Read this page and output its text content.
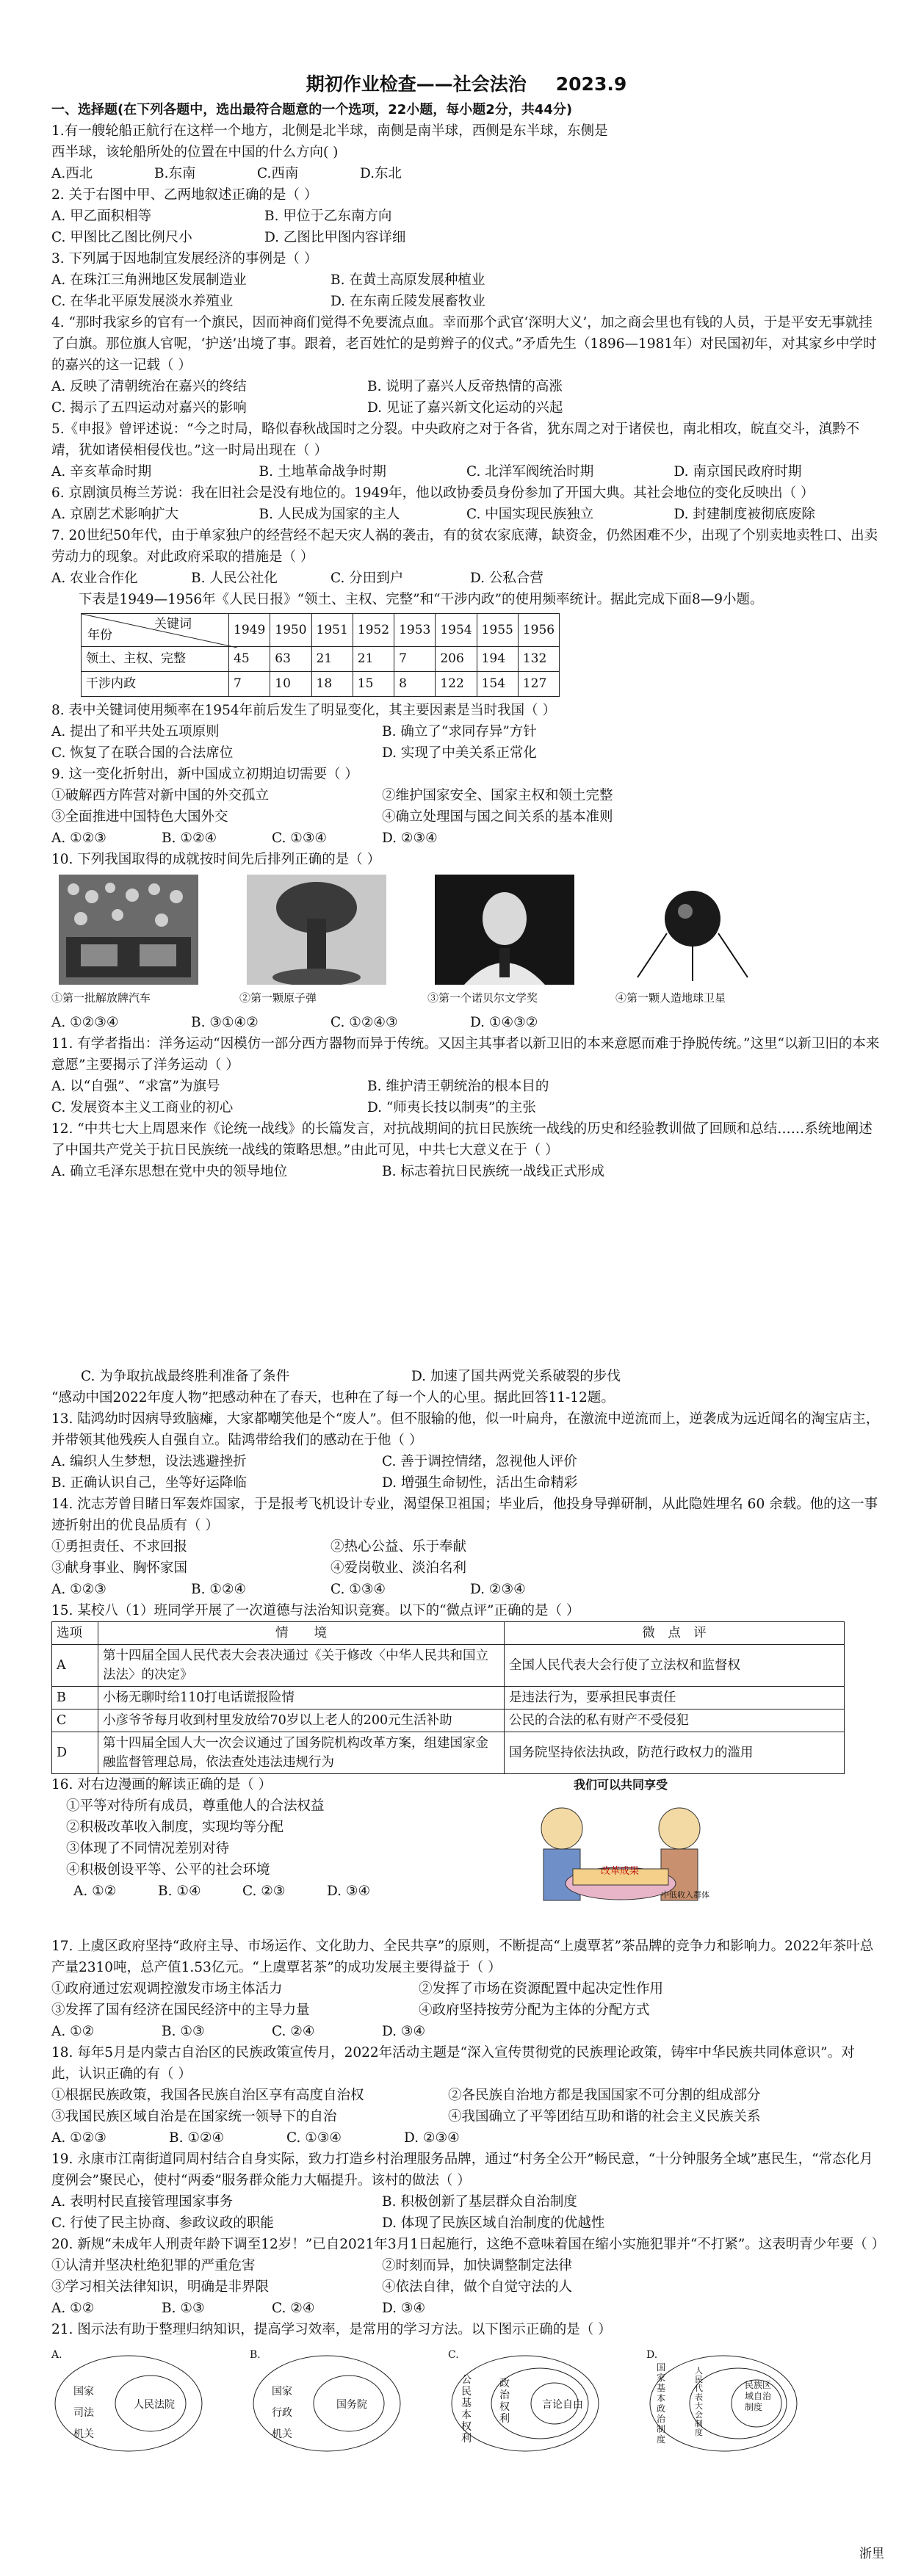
期初作业检查——社会法治 2023.9

一、选择题(在下列各题中，选出最符合题意的一个选项，22小题，每小题2分，共44分)

1.有一艘轮船正航行在这样一个地方，北侧是北半球，南侧是南半球，西侧是东半球，东侧是西半球，该轮船所处的位置在中国的什么方向( )

A.西北	B.东南	C.西南	D.东北

2. 关于右图中甲、乙两地叙述正确的是（ ）

A. 甲乙面积相等	B. 甲位于乙东南方向
C. 甲图比乙图比例尺小	D. 乙图比甲图内容详细

3. 下列属于因地制宜发展经济的事例是（ ）

A. 在珠江三角洲地区发展制造业	B. 在黄土高原发展种植业
C. 在华北平原发展淡水养殖业	D. 在东南丘陵发展畜牧业

4. “那时我家乡的官有一个旗民，因而神商们觉得不免要流点血。幸而那个武官‘深明大义’，加之商会里也有钱的人员，于是平安无事就挂了白旗。那位旗人官呢，‘护送’出境了事。跟着，老百姓忙的是剪辫子的仪式。”矛盾先生（1896—1981年）对民国初年，对其家乡中学时的嘉兴的这一记载（ ）

A. 反映了清朝统治在嘉兴的终结	B. 说明了嘉兴人反帝热情的高涨
C. 揭示了五四运动对嘉兴的影响	D. 见证了嘉兴新文化运动的兴起

5.《申报》曾评述说：“今之时局，略似春秋战国时之分裂。中央政府之对于各省，犹东周之对于诸侯也，南北相攻，皖直交斗，滇黔不靖，犹如诸侯相侵伐也。”这一时局出现在（ ）

A. 辛亥革命时期	B. 土地革命战争时期	C. 北洋军阀统治时期	D. 南京国民政府时期

6. 京剧演员梅兰芳说：我在旧社会是没有地位的。1949年，他以政协委员身份参加了开国大典。其社会地位的变化反映出（ ）

A. 京剧艺术影响扩大	B. 人民成为国家的主人	C. 中国实现民族独立	D. 封建制度被彻底废除

7. 20世纪50年代，由于单家独户的经营经不起天灾人祸的袭击，有的贫农家底薄，缺资金，仍然困难不少，出现了个别卖地卖牲口、出卖劳动力的现象。对此政府采取的措施是（ ）

A. 农业合作化	B. 人民公社化	C. 分田到户	D. 公私合营

下表是1949—1956年《人民日报》“领土、主权、完整”和“干涉内政”的使用频率统计。据此完成下面8—9小题。

关键词
年份	1949	1950	1951	1952	1953	1954	1955	1956
领土、主权、完整	45	63	21	21	7	206	194	132
干涉内政	7	10	18	15	8	122	154	127

8. 表中关键词使用频率在1954年前后发生了明显变化，其主要因素是当时我国（ ）

A. 提出了和平共处五项原则	B. 确立了“求同存异”方针
C. 恢复了在联合国的合法席位	D. 实现了中美关系正常化

9. 这一变化折射出，新中国成立初期迫切需要（ ）

①破解西方阵营对新中国的外交孤立	②维护国家安全、国家主权和领土完整
③全面推进中国特色大国外交	④确立处理国与国之间关系的基本准则
A. ①②③	B. ①②④	C. ①③④	D. ②③④

10. 下列我国取得的成就按时间先后排列正确的是（ ）

①第一批解放牌汽车	②第一颗原子弹	③第一个诺贝尔文学奖	④第一颗人造地球卫星
A. ①②③④	B. ③①④②	C. ①②④③	D. ①④③②

11. 有学者指出：洋务运动“因模仿一部分西方器物而异于传统。又因主其事者以新卫旧的本来意愿而难于挣脱传统。”这里“以新卫旧的本来意愿”主要揭示了洋务运动（ ）

A. 以“自强”、“求富”为旗号	B. 维护清王朝统治的根本目的
C. 发展资本主义工商业的初心	D. “师夷长技以制夷”的主张

12. “中共七大上周恩来作《论统一战线》的长篇发言，对抗战期间的抗日民族统一战线的历史和经验教训做了回顾和总结……系统地阐述了中国共产党关于抗日民族统一战线的策略思想。”由此可见，中共七大意义在于（ ）

A. 确立毛泽东思想在党中央的领导地位	B. 标志着抗日民族统一战线正式形成
C. 为争取抗战最终胜利准备了条件	D. 加速了国共两党关系破裂的步伐

“感动中国2022年度人物”把感动种在了春天，也种在了每一个人的心里。据此回答11-12题。

13. 陆鸿幼时因病导致脑瘫，大家都嘲笑他是个“废人”。但不服输的他，似一叶扁舟，在激流中逆流而上，逆袭成为远近闻名的淘宝店主，并带领其他残疾人自强自立。陆鸿带给我们的感动在于他（ ）

A. 编织人生梦想，设法逃避挫折	C. 善于调控情绪，忽视他人评价
B. 正确认识自己，坐等好运降临	D. 增强生命韧性，活出生命精彩

14. 沈志芳曾目睹日军轰炸国家，于是报考飞机设计专业，渴望保卫祖国；毕业后，他投身导弹研制，从此隐姓埋名 60 余载。他的这一事迹折射出的优良品质有（ ）

①勇担责任、不求回报	②热心公益、乐于奉献
③献身事业、胸怀家国	④爱岗敬业、淡泊名利
A. ①②③	B. ①②④	C. ①③④	D. ②③④

15. 某校八（1）班同学开展了一次道德与法治知识竞赛。以下的“微点评”正确的是（ ）

选项	情　　境	微　点　评
A	第十四届全国人民代表大会表决通过《关于修改〈中华人民共和国立法法〉的决定》	全国人民代表大会行使了立法权和监督权
B	小杨无聊时给110打电话谎报险情	是违法行为，要承担民事责任
C	小彦爷爷每月收到村里发放给70岁以上老人的200元生活补助	公民的合法的私有财产不受侵犯
D	第十四届全国人大一次会议通过了国务院机构改革方案，组建国家金融监督管理总局，依法查处违法违规行为	国务院坚持依法执政，防范行政权力的滥用

16. 对右边漫画的解读正确的是（ ）

①平等对待所有成员，尊重他人的合法权益

②积极改革收入制度，实现均等分配

③体现了不同情况差别对待

④积极创设平等、公平的社会环境

A. ①②	B. ①④	C. ②③	D. ③④
我们可以共同享受
改革成果
中低收入群体

17. 上虞区政府坚持“政府主导、市场运作、文化助力、全民共享”的原则，不断提高“上虞覃茗”茶品牌的竞争力和影响力。2022年茶叶总产量2310吨，总产值1.53亿元。“上虞覃茗茶”的成功发展主要得益于（ ）

①政府通过宏观调控激发市场主体活力	②发挥了市场在资源配置中起决定性作用
③发挥了国有经济在国民经济中的主导力量	④政府坚持按劳分配为主体的分配方式
A. ①②	B. ①③	C. ②④	D. ③④

18. 每年5月是内蒙古自治区的民族政策宣传月，2022年活动主题是“深入宣传贯彻党的民族理论政策，铸牢中华民族共同体意识”。对此，认识正确的有（ ）

①根据民族政策，我国各民族自治区享有高度自治权	②各民族自治地方都是我国国家不可分割的组成部分
③我国民族区域自治是在国家统一领导下的自治	④我国确立了平等团结互助和谐的社会主义民族关系
A. ①②③	B. ①②④	C. ①③④	D. ②③④

19. 永康市江南街道同周村结合自身实际，致力打造乡村治理服务品牌，通过“村务全公开”畅民意，“十分钟服务全域”惠民生，“常态化月度例会”聚民心，使村“两委”服务群众能力大幅提升。该村的做法（ ）

A. 表明村民直接管理国家事务	B. 积极创新了基层群众自治制度
C. 行使了民主协商、参政议政的职能	D. 体现了民族区域自治制度的优越性

20. 新规“未成年人刑责年龄下调至12岁！”已自2021年3月1日起施行，这绝不意味着国在缩小实施犯罪并“不打紧”。这表明青少年要（ ）

①认清并坚决杜绝犯罪的严重危害	②时刻而异，加快调整制定法律
③学习相关法律知识，明确是非界限	④依法自律，做个自觉守法的人
A. ①②	B. ①③	C. ②④	D. ③④

21. 图示法有助于整理归纳知识，提高学习效率，是常用的学习方法。以下图示正确的是（ ）

A.
国家司法机关
人民法院
B.
国家行政机关
国务院
C.
公民基本权利
政治权利
言论自由
D.
国家基本政治制度
人民代表大会制度
民族区域自治制度
浙里
